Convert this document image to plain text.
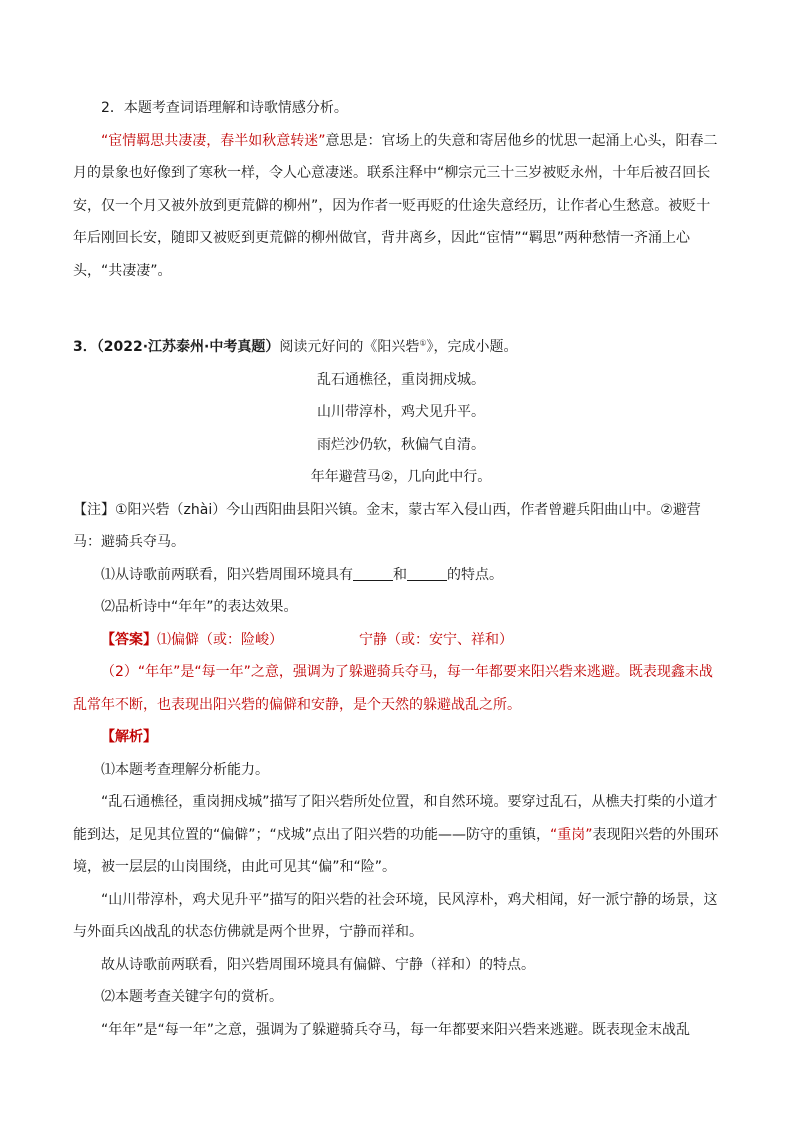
2．本题考查词语理解和诗歌情感分析。

“宦情羁思共凄凄，春半如秋意转迷”意思是：官场上的失意和寄居他乡的忧思一起涌上心头，阳春二月的景象也好像到了寒秋一样，令人心意凄迷。联系注释中“柳宗元三十三岁被贬永州，十年后被召回长安，仅一个月又被外放到更荒僻的柳州”，因为作者一贬再贬的仕途失意经历，让作者心生愁意。被贬十年后刚回长安，随即又被贬到更荒僻的柳州做官，背井离乡，因此“宦情”“羁思”两种愁情一齐涌上心头，“共凄凄”。

3．（2022·江苏泰州·中考真题）阅读元好问的《阳兴砦①》，完成小题。

乱石通樵径，重岗拥戍城。
山川带淳朴，鸡犬见升平。
雨烂沙仍软，秋偏气自清。
年年避营马②，几向此中行。

【注】①阳兴砦（zhài）今山西阳曲县阳兴镇。金末，蒙古军入侵山西，作者曾避兵阳曲山中。②避营马：避骑兵夺马。

⑴从诗歌前两联看，阳兴砦周围环境具有	和	的特点。

⑵品析诗中“年年”的表达效果。

【答案】⑴偏僻（或：险峻）	宁静（或：安宁、祥和）

（2）“年年”是“每一年”之意，强调为了躲避骑兵夺马，每一年都要来阳兴砦来逃避。既表现鑫末战乱常年不断，也表现出阳兴砦的偏僻和安静，是个天然的躲避战乱之所。

【解析】

⑴本题考查理解分析能力。

“乱石通樵径，重岗拥戍城”描写了阳兴砦所处位置，和自然环境。要穿过乱石，从樵夫打柴的小道才能到达，足见其位置的“偏僻”；“戍城”点出了阳兴砦的功能——防守的重镇，“重岗”表现阳兴砦的外围环境，被一层层的山岗围绕，由此可见其“偏”和“险”。

“山川带淳朴，鸡犬见升平”描写的阳兴砦的社会环境，民风淳朴，鸡犬相闻，好一派宁静的场景，这与外面兵凶战乱的状态仿佛就是两个世界，宁静而祥和。

故从诗歌前两联看，阳兴砦周围环境具有偏僻、宁静（祥和）的特点。

⑵本题考查关键字句的赏析。

“年年”是“每一年”之意，强调为了躲避骑兵夺马，每一年都要来阳兴砦来逃避。既表现金末战乱
